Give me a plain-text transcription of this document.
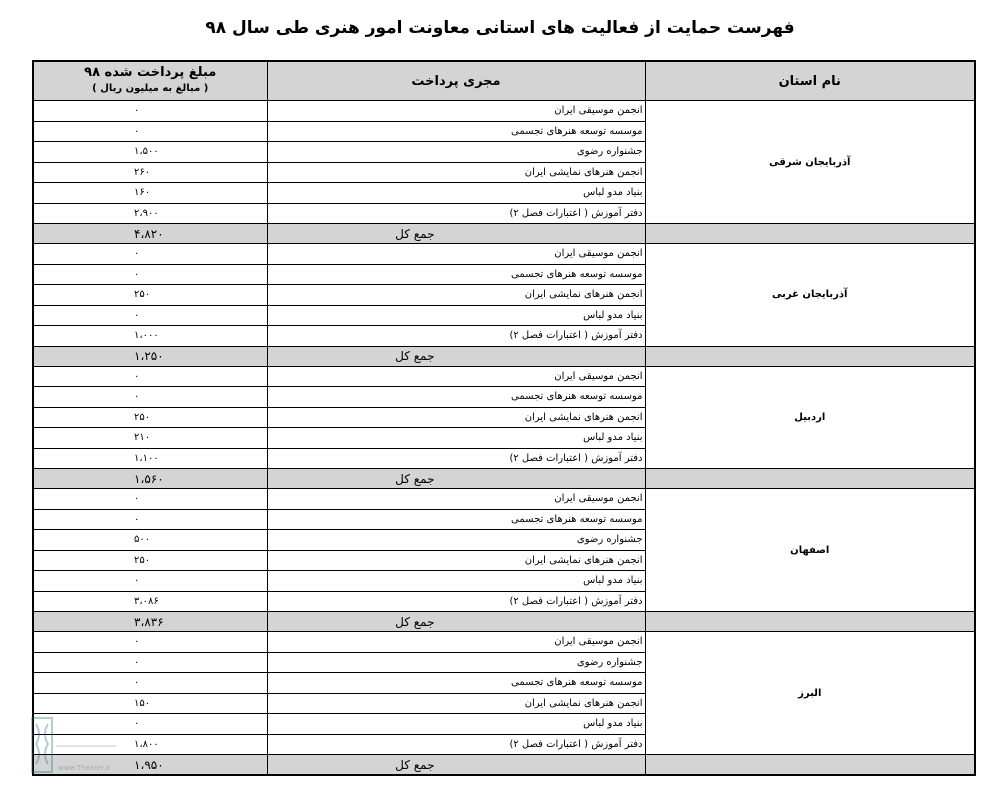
فهرست حمایت از فعالیت های استانی معاونت امور هنری طی سال ۹۸
مبلغ پرداخت شده ۹۸
( مبالغ به میلیون ریال )	مجری پرداخت	نام استان
۰	انجمن موسیقی ایران	آذربایجان شرقی
۰	موسسه توسعه هنرهای تجسمی	
۱،۵۰۰	جشنواره رضوی	
۲۶۰	انجمن هنرهای نمایشی ایران	
۱۶۰	بنیاد مدو لباس	
۲،۹۰۰	دفتر آموزش ( اعتبارات فصل ۲)	
۴،۸۲۰	جمع کل	
۰	انجمن موسیقی ایران	آذربایجان غربی
۰	موسسه توسعه هنرهای تجسمی	
۲۵۰	انجمن هنرهای نمایشی ایران	
۰	بنیاد مدو لباس	
۱،۰۰۰	دفتر آموزش ( اعتبارات فصل ۲)	
۱،۲۵۰	جمع کل	
۰	انجمن موسیقی ایران	اردبیل
۰	موسسه توسعه هنرهای تجسمی	
۲۵۰	انجمن هنرهای نمایشی ایران	
۲۱۰	بنیاد مدو لباس	
۱،۱۰۰	دفتر آموزش ( اعتبارات فصل ۲)	
۱،۵۶۰	جمع کل	
۰	انجمن موسیقی ایران	اصفهان
۰	موسسه توسعه هنرهای تجسمی	
۵۰۰	جشنواره رضوی	
۲۵۰	انجمن هنرهای نمایشی ایران	
۰	بنیاد مدو لباس	
۳،۰۸۶	دفتر آموزش ( اعتبارات فصل ۲)	
۳،۸۳۶	جمع کل	
۰	انجمن موسیقی ایران	البرز
۰	جشنواره رضوی	
۰	موسسه توسعه هنرهای تجسمی	
۱۵۰	انجمن هنرهای نمایشی ایران	
۰	بنیاد مدو لباس	
۱،۸۰۰	دفتر آموزش ( اعتبارات فصل ۲)	
۱،۹۵۰	جمع کل	
www.Theater.ir
